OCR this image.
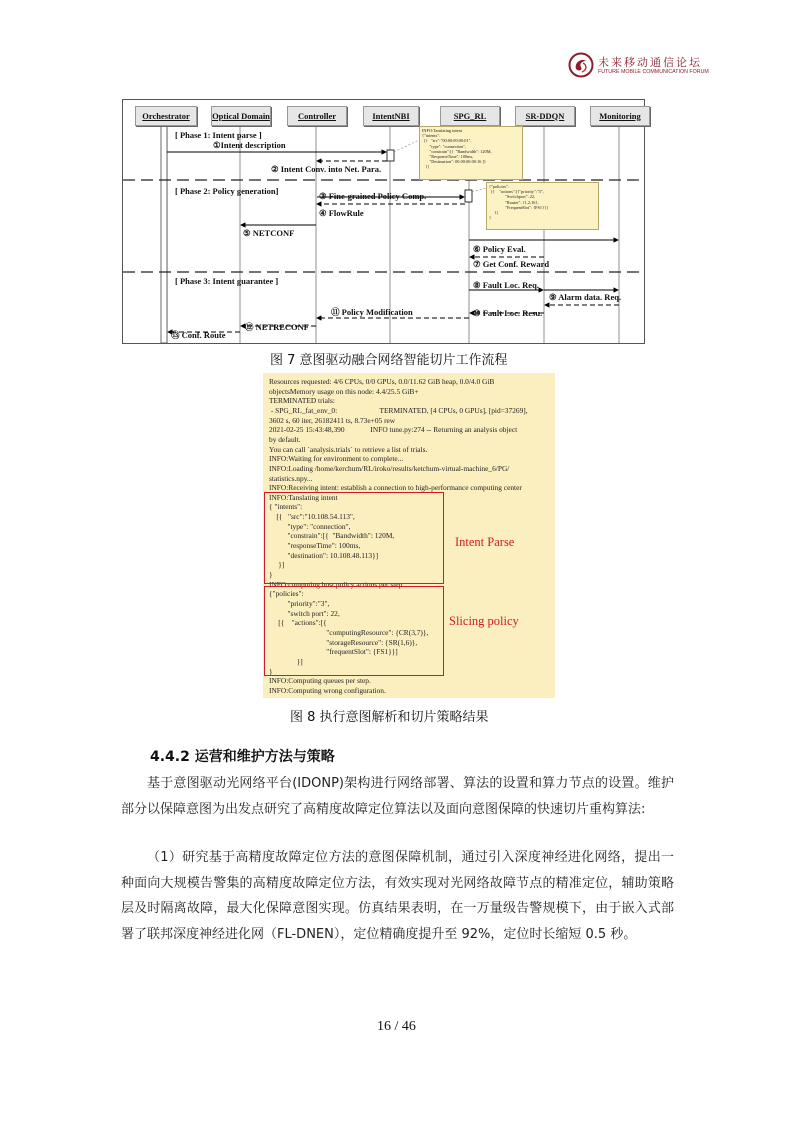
未来移动通信论坛
FUTURE MOBILE COMMUNICATION FORUM
Orchestrator	Optical Domain	Controller	IntentNBI	SPG_RL	SR-DDQN	Monitoring
[ Phase 1: Intent parse ]
[ Phase 2: Policy generation]
[ Phase 3: Intent guarantee ]
①Intent description
② Intent Conv. into Net. Para.
③ Fine-grained Policy Comp.
④ FlowRule
⑤ NETCONF
⑥ Policy Eval.
⑦ Get Conf. Reward
⑧ Fault Loc. Req.
⑨ Alarm data. Req.
⑩ Fault Loc. Resu.
⑪ Policy Modification
⑫ NETRECONF
⑬ Conf. Route
INFO:Tanslating intent
{"intents":
[{   "src":"00:00:00:00:01",
"type": "connection",
"constrain":[{  "Bandwidth": 120M,
"ResponseTime": 100ms,
"Destination": 00:00:00:00:16 ]}
}]
{"policies":
[{    "actions":[{"priority":"3",
"Switchport": 22,
"Router": {1,2,16},
"FrequentSlot": {FS1}}]
}]
}
图 7 意图驱动融合网络智能切片工作流程
Resources requested: 4/6 CPUs, 0/0 GPUs, 0.0/11.62 GiB heap, 0.0/4.0 GiB
objectsMemory usage on this node: 4.4/25.5 GiB+
TERMINATED trials:
- SPG_RL_fat_env_0:                       TERMINATED, [4 CPUs, 0 GPUs], [pid=37269],
3602 s, 60 iter, 26182411 ts, 8.73e+05 rew
2021-02-25 15:43:48,390              INFO tune.py:274 -- Returning an analysis object
by default.
You can call `analysis.trials` to retrieve a list of trials.
INFO:Waiting for environment to complete...
INFO:Loading /home/kerchum/RL/iroko/results/ketchum-virtual-machine_6/PG/
statistics.npy...
INFO:Receiving intent: establish a connection to high-performance computing center
INFO:Tanslating intent
{ "intents":
[{   "src":"10.108.54.113",
"type": "connection",
"constrain":[{  "Bandwidth": 120M,
"responseTime": 100ms,
"destination": 10.108.48.113}]
}]
}
INFO:computing host policy actions per step
{"policies":
"priority":"3",
"switch port": 22,
[{    "actions":[{
"computingResource": {CR(3,7)},
"storageResource": {SR(1,6)},
"frequentSlot": {FS1}}]
}]
}
INFO:Computing queues per step.
INFO:Computing wrong configuration.
Intent Parse
Slicing policy
图 8 执行意图解析和切片策略结果
4.4.2 运营和维护方法与策略
基于意图驱动光网络平台(IDONP)架构进行网络部署、算法的设置和算力节点的设置。维护部分以保障意图为出发点研究了高精度故障定位算法以及面向意图保障的快速切片重构算法:
（1）研究基于高精度故障定位方法的意图保障机制，通过引入深度神经进化网络，提出一种面向大规模告警集的高精度故障定位方法，有效实现对光网络故障节点的精准定位，辅助策略层及时隔离故障，最大化保障意图实现。仿真结果表明，在一万量级告警规模下，由于嵌入式部署了联邦深度神经进化网（FL-DNEN），定位精确度提升至 92%，定位时长缩短 0.5 秒。
16 / 46
